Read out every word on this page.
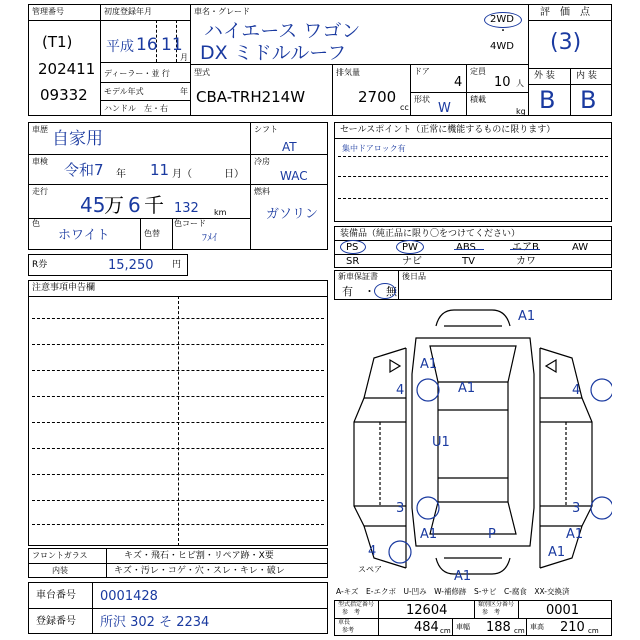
管理番号
(T1)
202411
09332
初度登録年月
平成 16 11
月
ディーラー・並 行
モデル年式	年
ハンドル　左・右
車名・グレード
ハイエース ワゴン
DX ミドルルーフ
2WD
・
4WD
型式
CBA-TRH214W
排気量
2700
cc
ドア
4
形状
W
定員
10 人
積載
kg
評　価　点
(3)
外 装 内 装
B B
車歴 自家用
車検 令和7 年 11 月（	日）
走行
45
万 6 千 132 km
色
ホワイト	色替
色コード
ﾌﾒｲ
シフト
AT
冷房
WAC
燃料
ガソリン
R券	15,250 円
セールスポイント（正常に機能するものに限ります）
集中ドアロック有
装備品（純正品に限り〇をつけてください）
PS	PW	ABS	エアB	AW
SR	ナビ	TV	カワ
新車保証書
有　・　無
後日品
注意事項申告欄
A1
A1
4	A1	4
U1
3	3
A1	P	A1
A1
4
A1
スペア
A-キズ　E-エクボ　U-凹み　W-補修跡　S-サビ　C-腐食　XX-交換済
フロントガラス	キズ・飛石・ヒビ割・リペア跡・X要
内装	キズ・汚レ・コゲ・穴・スレ・キレ・破レ
車台番号 0001428
登録番号 所沢 302 そ 2234
型式指定番号
参　考	12604	類別区分番号
参　考	0001
車長
参考	484 cm 車幅 188 cm 車高 210 cm
